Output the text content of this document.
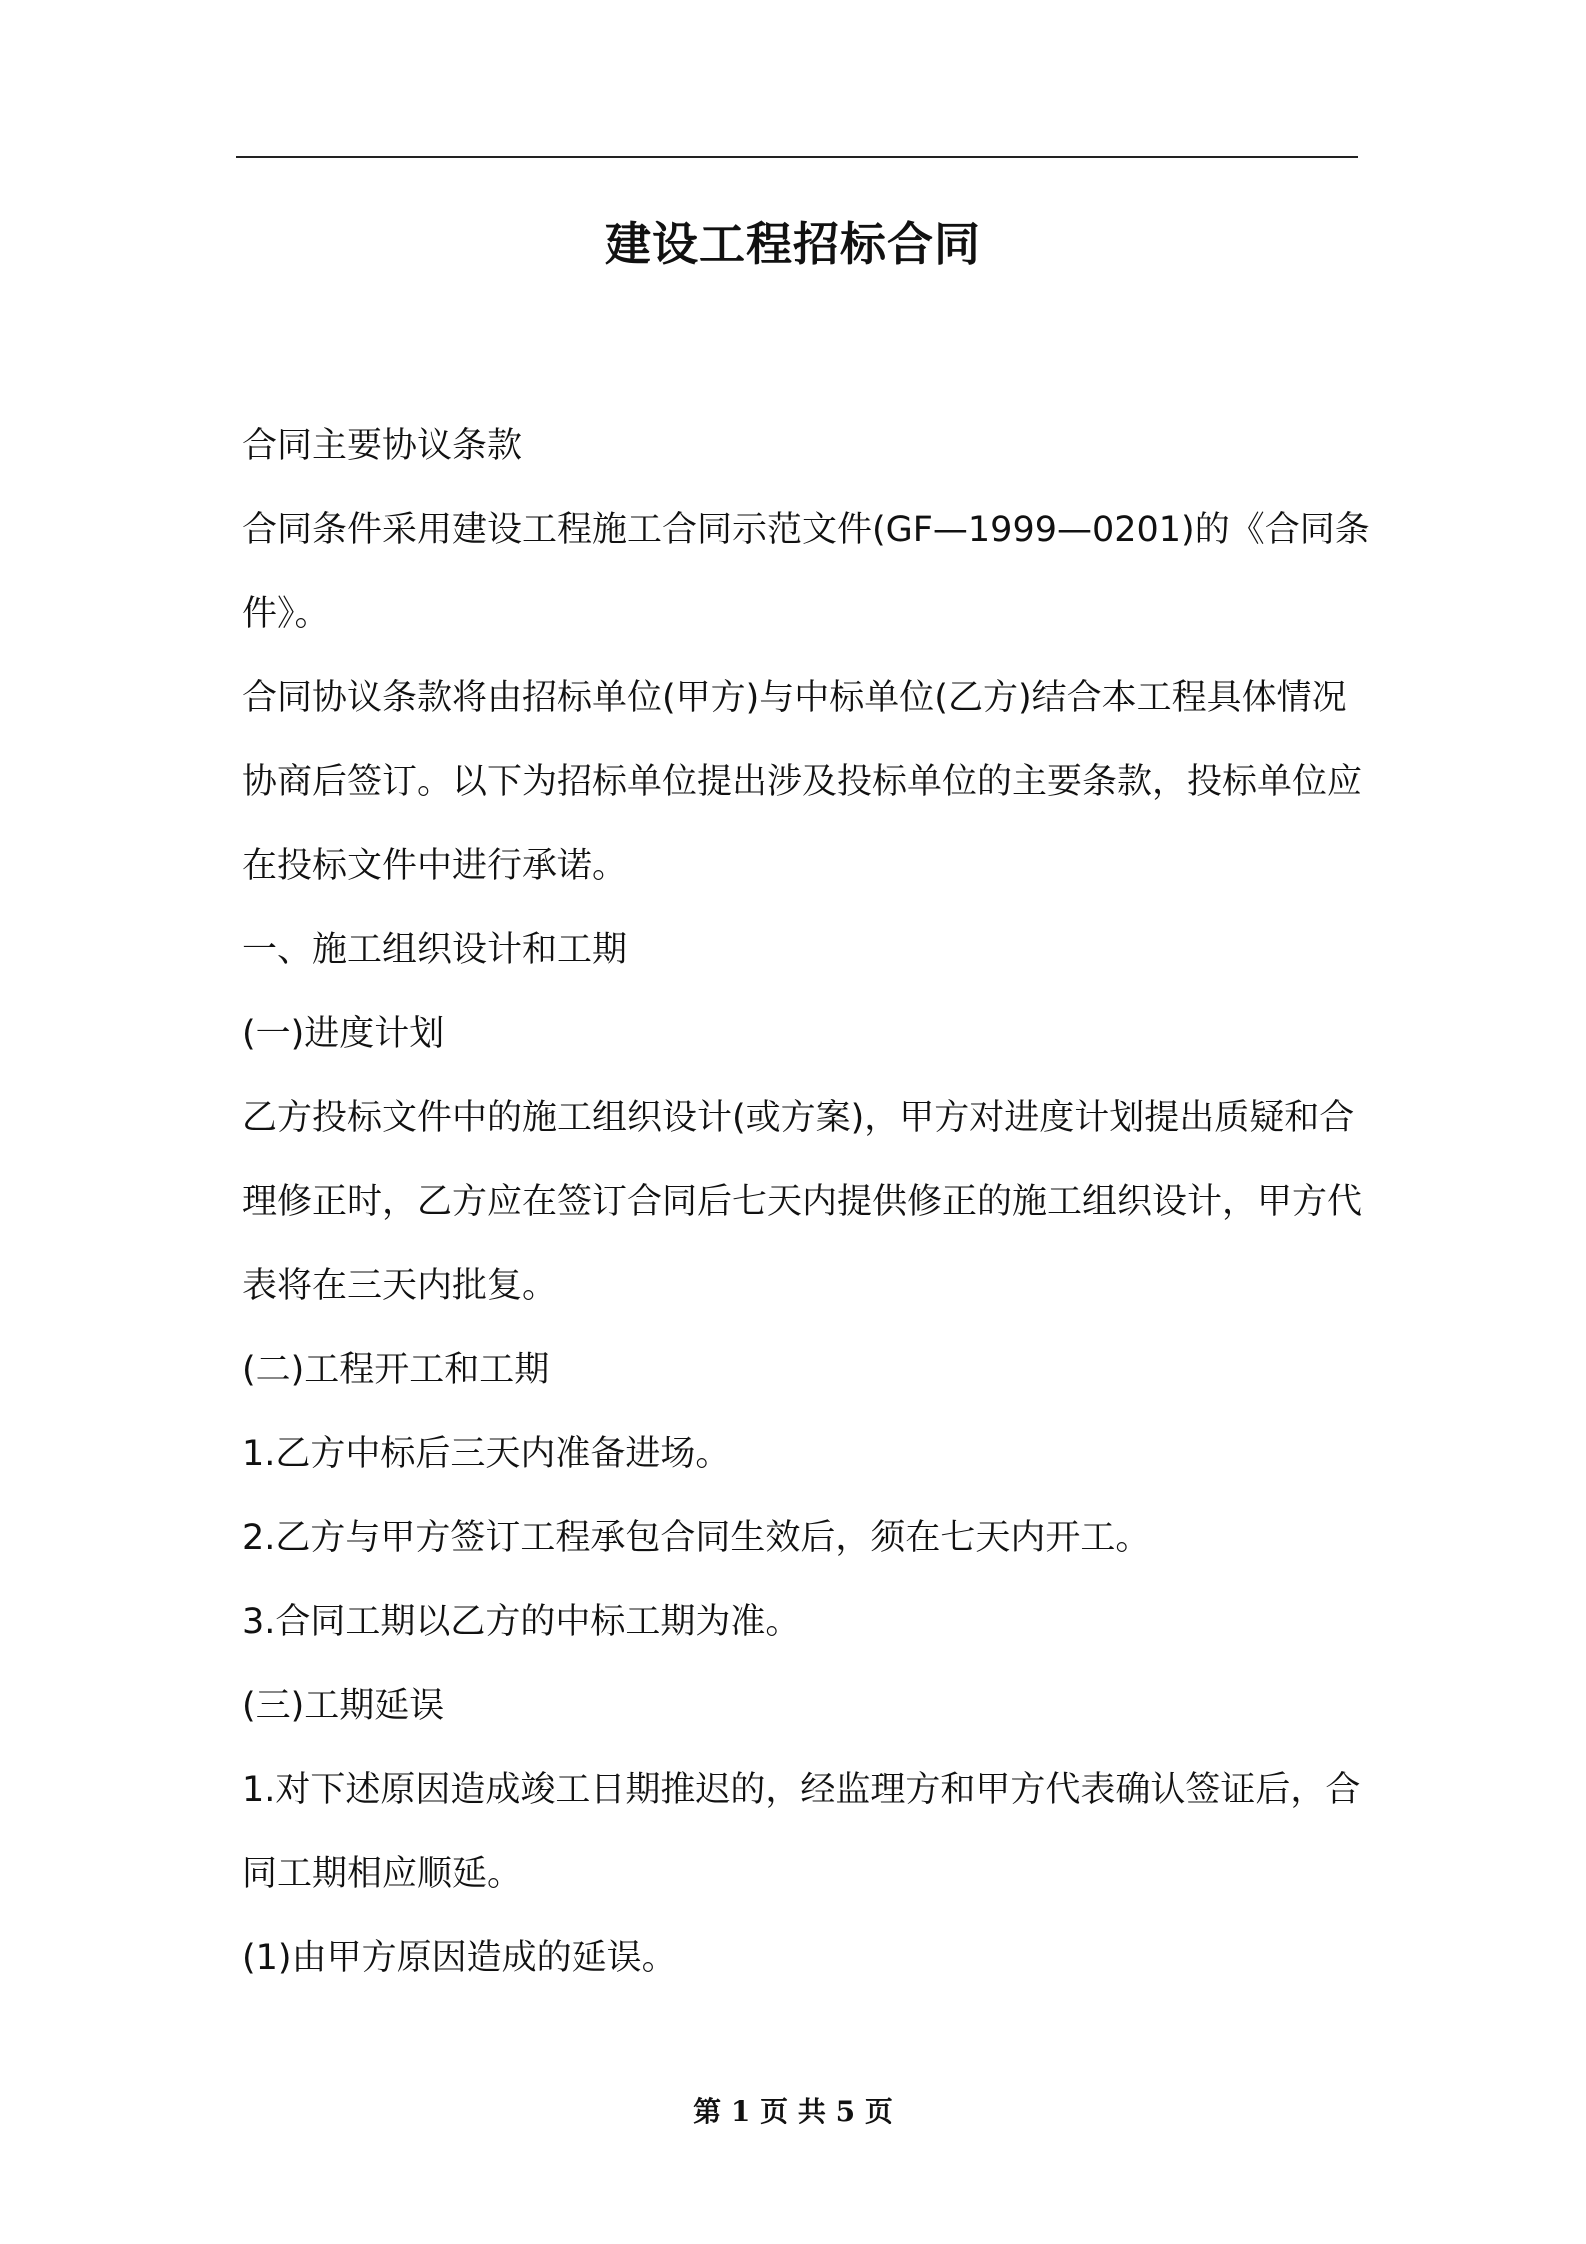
建设工程招标合同

合同主要协议条款

合同条件采用建设工程施工合同示范文件(GF—1999—0201)的《合同条件》。

合同协议条款将由招标单位(甲方)与中标单位(乙方)结合本工程具体情况协商后签订。以下为招标单位提出涉及投标单位的主要条款，投标单位应在投标文件中进行承诺。

一、施工组织设计和工期

(一)进度计划

乙方投标文件中的施工组织设计(或方案)，甲方对进度计划提出质疑和合理修正时，乙方应在签订合同后七天内提供修正的施工组织设计，甲方代表将在三天内批复。

(二)工程开工和工期

1.乙方中标后三天内准备进场。

2.乙方与甲方签订工程承包合同生效后，须在七天内开工。

3.合同工期以乙方的中标工期为准。

(三)工期延误

1.对下述原因造成竣工日期推迟的，经监理方和甲方代表确认签证后，合同工期相应顺延。

(1)由甲方原因造成的延误。

第 1 页 共 5 页
